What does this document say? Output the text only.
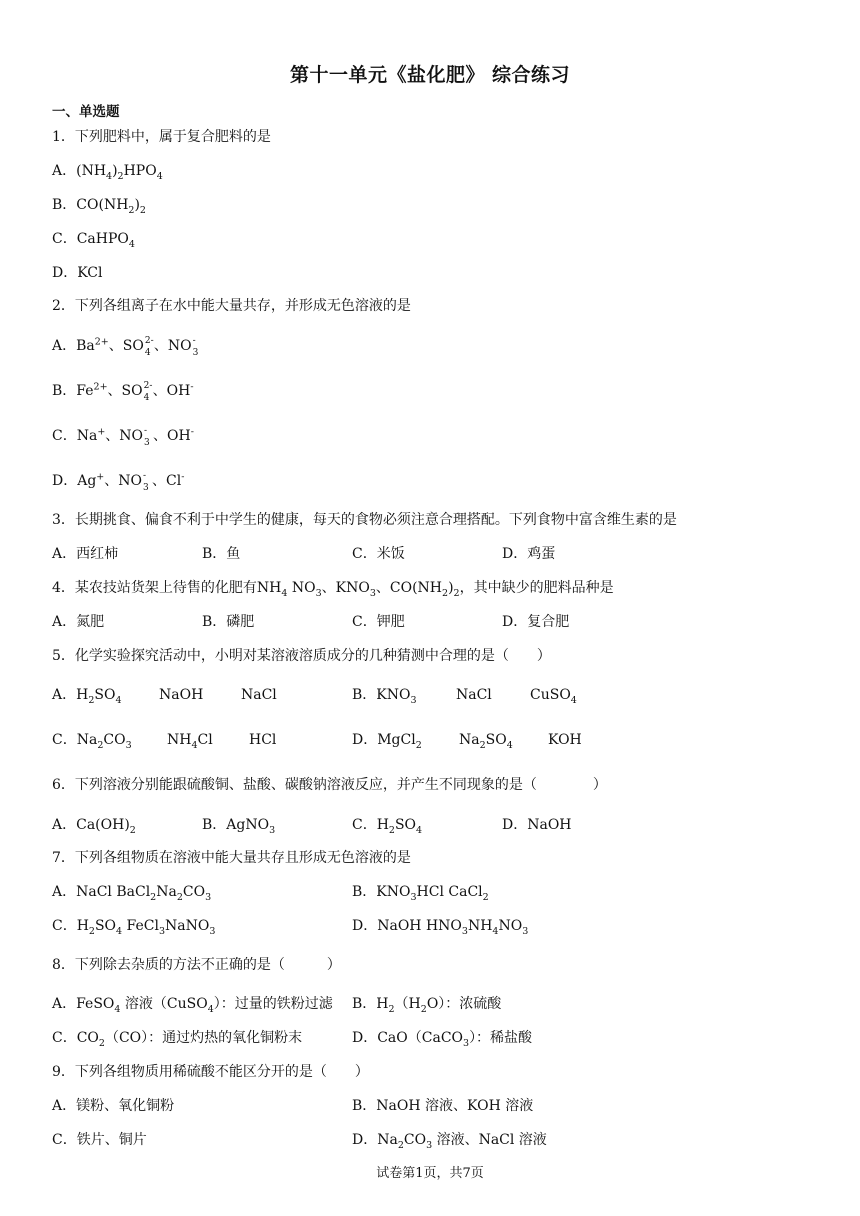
第十一单元《盐化肥》 综合练习
一、单选题
1．下列肥料中，属于复合肥料的是
A．$(NH_4)_2HPO_4$
B．$CO(NH_2)_2$
C．CaHPO$_4$
D．KCl
2．下列各组离子在水中能大量共存，并形成无色溶液的是
A．$Ba^{2+}$、SO 2-
4 、NO -
3
B．$Fe^{2+}$、SO 2-
4 、OH-
C．Na+、NO -
3 、OH-
D．Ag+、NO -
3 、Cl-
3．长期挑食、偏食不利于中学生的健康，每天的食物必须注意合理搭配。下列食物中富含维生素的是
A．西红柿	B．鱼	C．米饭	D．鸡蛋
4．某农技站货架上待售的化肥有$NH_4$ $NO_3$、$KNO_3$、$CO(NH_2)_2$，其中缺少的肥料品种是
A．氮肥	B．磷肥	C．钾肥	D．复合肥
5．化学实验探究活动中，小明对某溶液溶质成分的几种猜测中合理的是（　　）
A．$H_2SO_4$	NaOH	NaCl	B．$KNO_3$	NaCl	CuSO$_4$
C．$Na_2CO_3$	$NH_4Cl$	HCl	D．MgCl$_2$	$Na_2SO_4$	KOH
6．下列溶液分别能跟硫酸铜、盐酸、碳酸钠溶液反应，并产生不同现象的是（　　　　）
A．$Ca(OH)_2$	B．AgNO$_3$	C．$H_2SO_4$	D．NaOH
7．下列各组物质在溶液中能大量共存且形成无色溶液的是
A．NaCl $BaCl_2Na_2CO_3$	B．$KNO_3HCl$ CaCl$_2$
C．$H_2SO_4$ FeCl$_3$NaNO$_3$	D．NaOH $HNO_3NH_4NO_3$
8．下列除去杂质的方法不正确的是（　　　）
A．FeSO$_4$ 溶液（CuSO$_4$）：过量的铁粉过滤 B．$H_2(H_2O)$：浓硫酸
C．$CO_2(CO)$：通过灼热的氧化铜粉末	D．CaO（CaCO$_3$）：稀盐酸
9．下列各组物质用稀硫酸不能区分开的是（　　）
A．镁粉、氧化铜粉	B．NaOH 溶液、KOH 溶液
C．铁片、铜片	D．$Na_2CO_3$ 溶液、NaCl 溶液
试卷第1页，共7页
